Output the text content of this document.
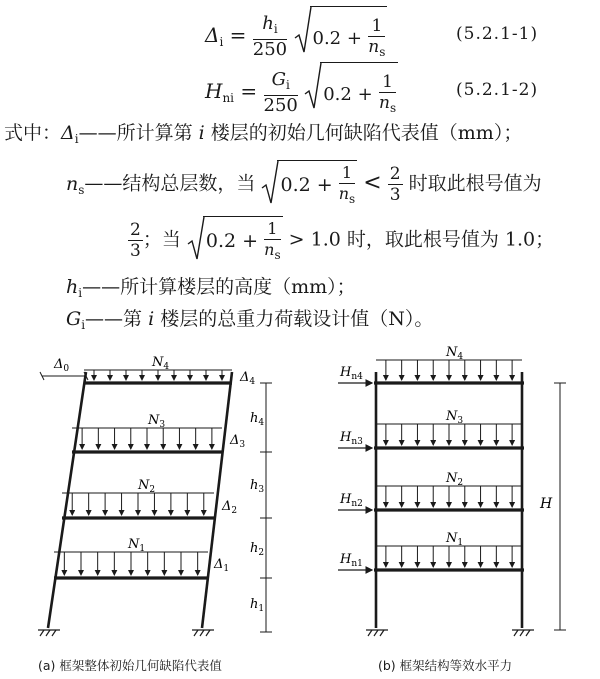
$\Delta_i = \frac{h_i}{250}$
$0.2 + \frac{1}{n_s}$	(5.2.1-1)
$H_{ni} = \frac{G_i}{250}$
$0.2 + \frac{1}{n_s}$	(5.2.1-2)
式中：$\Delta_i——$所计算第 i 楼层的初始几何缺陷代表值（mm）；
$n_s——$结构总层数，当 $0.2 + \frac{1}{n_s} < \frac{2}{3}$ 时取此根号值为
$\frac{2}{3}$ ；当 $0.2 + \frac{1}{n_s} > 1.0$ 时，取此根号值为 1.0；
$h_i——$所计算楼层的高度（mm）；
$G_i——$第 i 楼层的总重力荷载设计值（N）。
$\Delta_0$
$\Delta_4$
$\Delta_3$
$\Delta_2$
$\Delta_1$
$N_4$
$N_3$
$N_2$
$N_1$
$h_4$
$h_3$
$h_2$
$h_1$
$H_{n4}$
$H_{n3}$
$H_{n2}$
$H_{n1}$
$N_4$
$N_3$
$N_2$
$N_1$
H
(a) 框架整体初始几何缺陷代表值	(b) 框架结构等效水平力
